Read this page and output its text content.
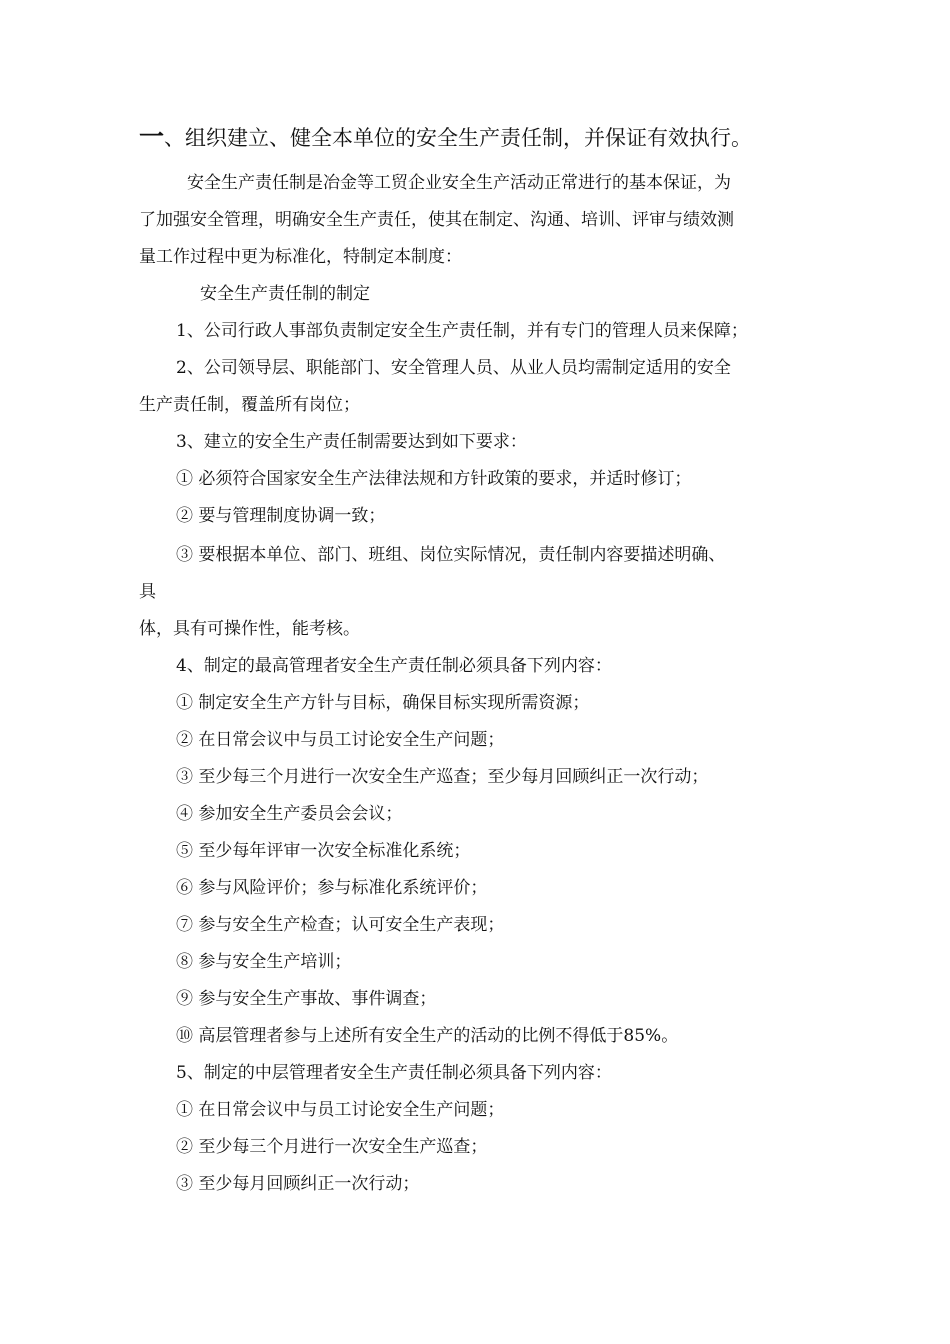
一、组织建立、健全本单位的安全生产责任制，并保证有效执行。
安全生产责任制是冶金等工贸企业安全生产活动正常进行的基本保证，为
了加强安全管理，明确安全生产责任，使其在制定、沟通、培训、评审与绩效测
量工作过程中更为标准化，特制定本制度：
安全生产责任制的制定
1、公司行政人事部负责制定安全生产责任制，并有专门的管理人员来保障；
2、公司领导层、职能部门、安全管理人员、从业人员均需制定适用的安全
生产责任制，覆盖所有岗位；
3、建立的安全生产责任制需要达到如下要求：
① 必须符合国家安全生产法律法规和方针政策的要求，并适时修订；
② 要与管理制度协调一致；
③ 要根据本单位、部门、班组、岗位实际情况，责任制内容要描述明确、
具
体，具有可操作性，能考核。
4、制定的最高管理者安全生产责任制必须具备下列内容：
① 制定安全生产方针与目标，确保目标实现所需资源；
② 在日常会议中与员工讨论安全生产问题；
③ 至少每三个月进行一次安全生产巡查；至少每月回顾纠正一次行动；
④ 参加安全生产委员会会议；
⑤ 至少每年评审一次安全标准化系统；
⑥ 参与风险评价；参与标准化系统评价；
⑦ 参与安全生产检查；认可安全生产表现；
⑧ 参与安全生产培训；
⑨ 参与安全生产事故、事件调查；
⑩ 高层管理者参与上述所有安全生产的活动的比例不得低于85%。
5、制定的中层管理者安全生产责任制必须具备下列内容：
① 在日常会议中与员工讨论安全生产问题；
② 至少每三个月进行一次安全生产巡查；
③ 至少每月回顾纠正一次行动；
